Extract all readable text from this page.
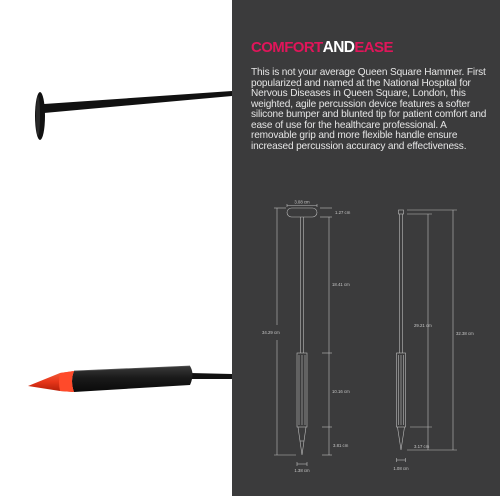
COMFORTANDEASE

This is not your average Queen Square Hammer. First popularized and named at the National Hospital for Nervous Diseases in Queen Square, London, this weighted, agile percussion device features a softer silicone bumper and blunted tip for patient comfort and ease of use for the healthcare professional. A removable grip and more flexible handle ensure increased percussion accuracy and effectiveness.

3.08 cm
1.27 cm
18.41 cm
34.29 cm
10.16 cm
3.81 cm
1.38 cm
29.21 cm
32.38 cm
3.17 cm
1.08 cm
